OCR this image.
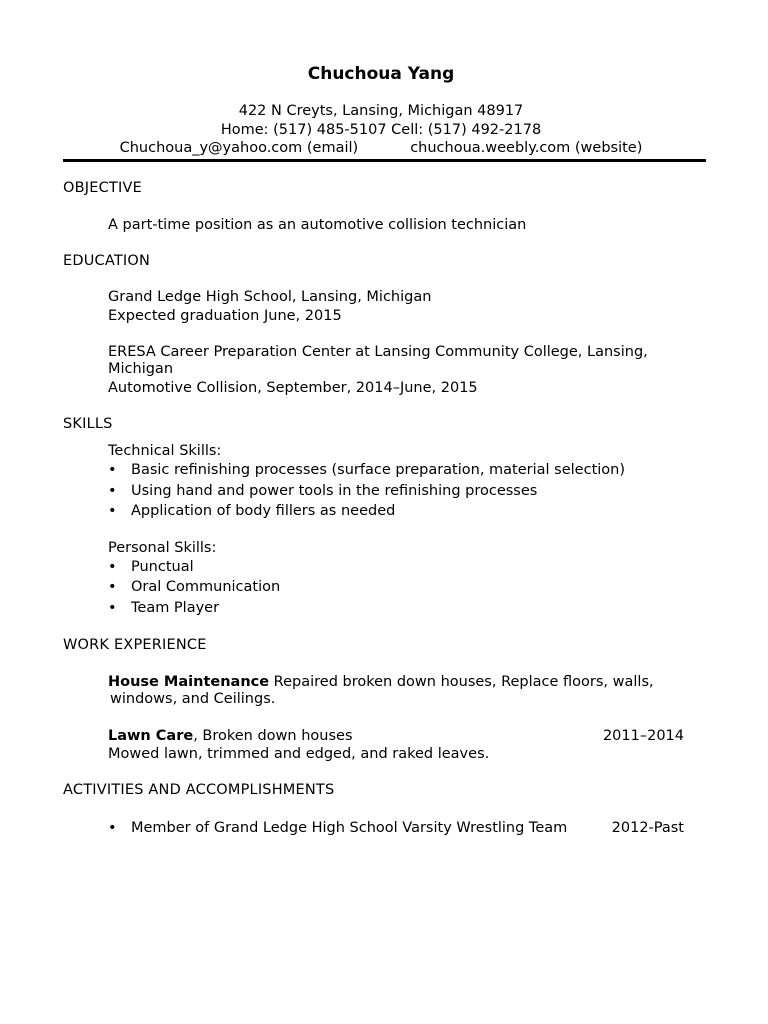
Chuchoua Yang
422 N Creyts, Lansing, Michigan 48917
Home: (517) 485-5107 Cell: (517) 492-2178
Chuchoua_y@yahoo.com (email)	chuchoua.weebly.com (website)
OBJECTIVE
A part-time position as an automotive collision technician
EDUCATION
Grand Ledge High School, Lansing, Michigan
Expected graduation June, 2015
ERESA Career Preparation Center at Lansing Community College, Lansing,
Michigan
Automotive Collision, September, 2014–June, 2015
SKILLS
Technical Skills:
• Basic refinishing processes (surface preparation, material selection)
• Using hand and power tools in the refinishing processes
• Application of body fillers as needed
Personal Skills:
• Punctual
• Oral Communication
• Team Player
WORK EXPERIENCE
House Maintenance Repaired broken down houses, Replace floors, walls,
windows, and Ceilings.
Lawn Care, Broken down houses	2011–2014
Mowed lawn, trimmed and edged, and raked leaves.
ACTIVITIES AND ACCOMPLISHMENTS
• Member of Grand Ledge High School Varsity Wrestling Team	2012-Past
